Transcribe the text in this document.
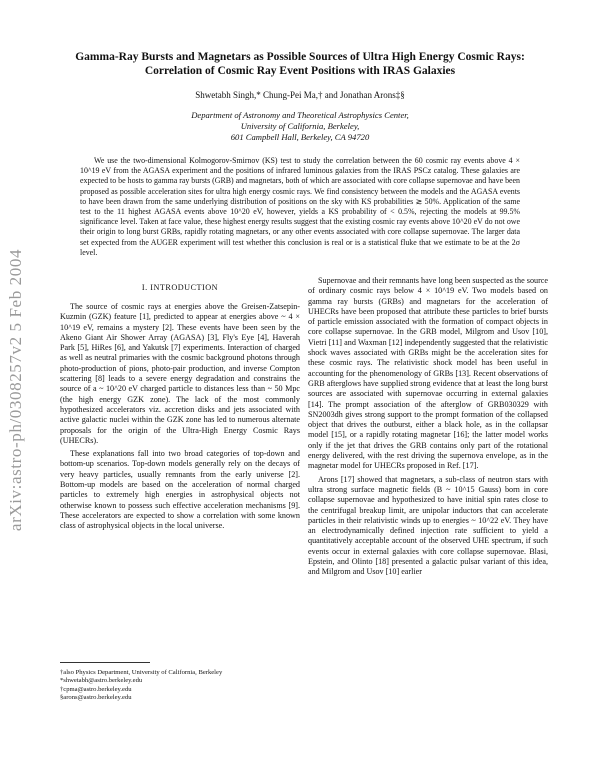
arXiv:astro-ph/0308257v2 5 Feb 2004
Gamma-Ray Bursts and Magnetars as Possible Sources of Ultra High Energy Cosmic Rays: Correlation of Cosmic Ray Event Positions with IRAS Galaxies
Shwetabh Singh,* Chung-Pei Ma,† and Jonathan Arons‡§
Department of Astronomy and Theoretical Astrophysics Center,
University of California, Berkeley,
601 Campbell Hall, Berkeley, CA 94720
We use the two-dimensional Kolmogorov-Smirnov (KS) test to study the correlation between the 60 cosmic ray events above 4 × 10^19 eV from the AGASA experiment and the positions of infrared luminous galaxies from the IRAS PSCz catalog. These galaxies are expected to be hosts to gamma ray bursts (GRB) and magnetars, both of which are associated with core collapse supernovae and have been proposed as possible acceleration sites for ultra high energy cosmic rays. We find consistency between the models and the AGASA events to have been drawn from the same underlying distribution of positions on the sky with KS probabilities ≳ 50%. Application of the same test to the 11 highest AGASA events above 10^20 eV, however, yields a KS probability of < 0.5%, rejecting the models at 99.5% significance level. Taken at face value, these highest energy results suggest that the existing cosmic ray events above 10^20 eV do not owe their origin to long burst GRBs, rapidly rotating magnetars, or any other events associated with core collapse supernovae. The larger data set expected from the AUGER experiment will test whether this conclusion is real or is a statistical fluke that we estimate to be at the 2σ level.
I. INTRODUCTION

The source of cosmic rays at energies above the Greisen-Zatsepin-Kuzmin (GZK) feature [1], predicted to appear at energies above ~ 4 × 10^19 eV, remains a mystery [2]. These events have been seen by the Akeno Giant Air Shower Array (AGASA) [3], Fly's Eye [4], Haverah Park [5], HiRes [6], and Yakutsk [7] experiments. Interaction of charged as well as neutral primaries with the cosmic background photons through photo-production of pions, photo-pair production, and inverse Compton scattering [8] leads to a severe energy degradation and constrains the source of a ~ 10^20 eV charged particle to distances less than ~ 50 Mpc (the high energy GZK zone). The lack of the most commonly hypothesized accelerators viz. accretion disks and jets associated with active galactic nuclei within the GZK zone has led to numerous alternate proposals for the origin of the Ultra-High Energy Cosmic Rays (UHECRs).

These explanations fall into two broad categories of top-down and bottom-up scenarios. Top-down models generally rely on the decays of very heavy particles, usually remnants from the early universe [2]. Bottom-up models are based on the acceleration of normal charged particles to extremely high energies in astrophysical objects not otherwise known to possess such effective acceleration mechanisms [9]. These accelerators are expected to show a correlation with some known class of astrophysical objects in the local universe.

Supernovae and their remnants have long been suspected as the source of ordinary cosmic rays below 4 × 10^19 eV. Two models based on gamma ray bursts (GRBs) and magnetars for the acceleration of UHECRs have been proposed that attribute these particles to brief bursts of particle emission associated with the formation of compact objects in core collapse supernovae. In the GRB model, Milgrom and Usov [10], Vietri [11] and Waxman [12] independently suggested that the relativistic shock waves associated with GRBs might be the acceleration sites for these cosmic rays. The relativistic shock model has been useful in accounting for the phenomenology of GRBs [13]. Recent observations of GRB afterglows have supplied strong evidence that at least the long burst sources are associated with supernovae occurring in external galaxies [14]. The prompt association of the afterglow of GRB030329 with SN2003dh gives strong support to the prompt formation of the collapsed object that drives the outburst, either a black hole, as in the collapsar model [15], or a rapidly rotating magnetar [16]; the latter model works only if the jet that drives the GRB contains only part of the rotational energy delivered, with the rest driving the supernova envelope, as in the magnetar model for UHECRs proposed in Ref. [17].

Arons [17] showed that magnetars, a sub-class of neutron stars with ultra strong surface magnetic fields (B ~ 10^15 Gauss) born in core collapse supernovae and hypothesized to have initial spin rates close to the centrifugal breakup limit, are unipolar inductors that can accelerate particles in their relativistic winds up to energies ~ 10^22 eV. They have an electrodynamically defined injection rate sufficient to yield a quantitatively acceptable account of the observed UHE spectrum, if such events occur in external galaxies with core collapse supernovae. Blasi, Epstein, and Olinto [18] presented a galactic pulsar variant of this idea, and Milgrom and Usov [10] earlier

†also Physics Department, University of California, Berkeley
*shwetabh@astro.berkeley.edu
†cpma@astro.berkeley.edu
§arons@astro.berkeley.edu
